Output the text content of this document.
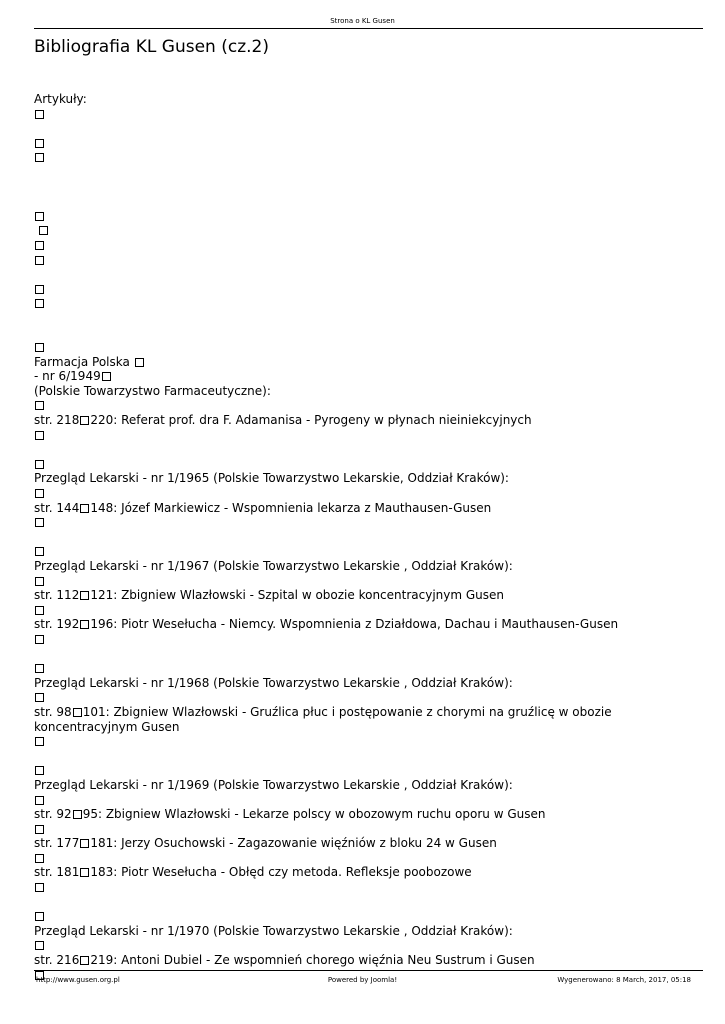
Strona o KL Gusen
Bibliografia KL Gusen (cz.2)
Artykuły:

Farmacja Polska
- nr 6/1949
(Polskie Towarzystwo Farmaceutyczne):
str. 218 220: Referat prof. dra F. Adamanisa - Pyrogeny w płynach nieiniekcyjnych
Przegląd Lekarski - nr 1/1965 (Polskie Towarzystwo Lekarskie, Oddział Kraków):
str. 144 148: Józef Markiewicz - Wspomnienia lekarza z Mauthausen-Gusen
Przegląd Lekarski - nr 1/1967 (Polskie Towarzystwo Lekarskie , Oddział Kraków):
str. 112 121: Zbigniew Wlazłowski - Szpital w obozie koncentracyjnym Gusen
str. 192 196: Piotr Wesełucha - Niemcy. Wspomnienia z Działdowa, Dachau i Mauthausen-Gusen
Przegląd Lekarski - nr 1/1968 (Polskie Towarzystwo Lekarskie , Oddział Kraków):
str. 98 101: Zbigniew Wlazłowski - Gruźlica płuc i postępowanie z chorymi na gruźlicę w obozie koncentracyjnym Gusen
Przegląd Lekarski - nr 1/1969 (Polskie Towarzystwo Lekarskie , Oddział Kraków):
str. 92 95: Zbigniew Wlazłowski - Lekarze polscy w obozowym ruchu oporu w Gusen
str. 177 181: Jerzy Osuchowski - Zagazowanie więźniów z bloku 24 w Gusen
str. 181 183: Piotr Wesełucha - Obłęd czy metoda. Refleksje poobozowe
Przegląd Lekarski - nr 1/1970 (Polskie Towarzystwo Lekarskie , Oddział Kraków):
str. 216 219: Antoni Dubiel - Ze wspomnień chorego więźnia Neu Sustrum i Gusen
http://www.gusen.org.pl	Powered by Joomla!	Wygenerowano: 8 March, 2017, 05:18
